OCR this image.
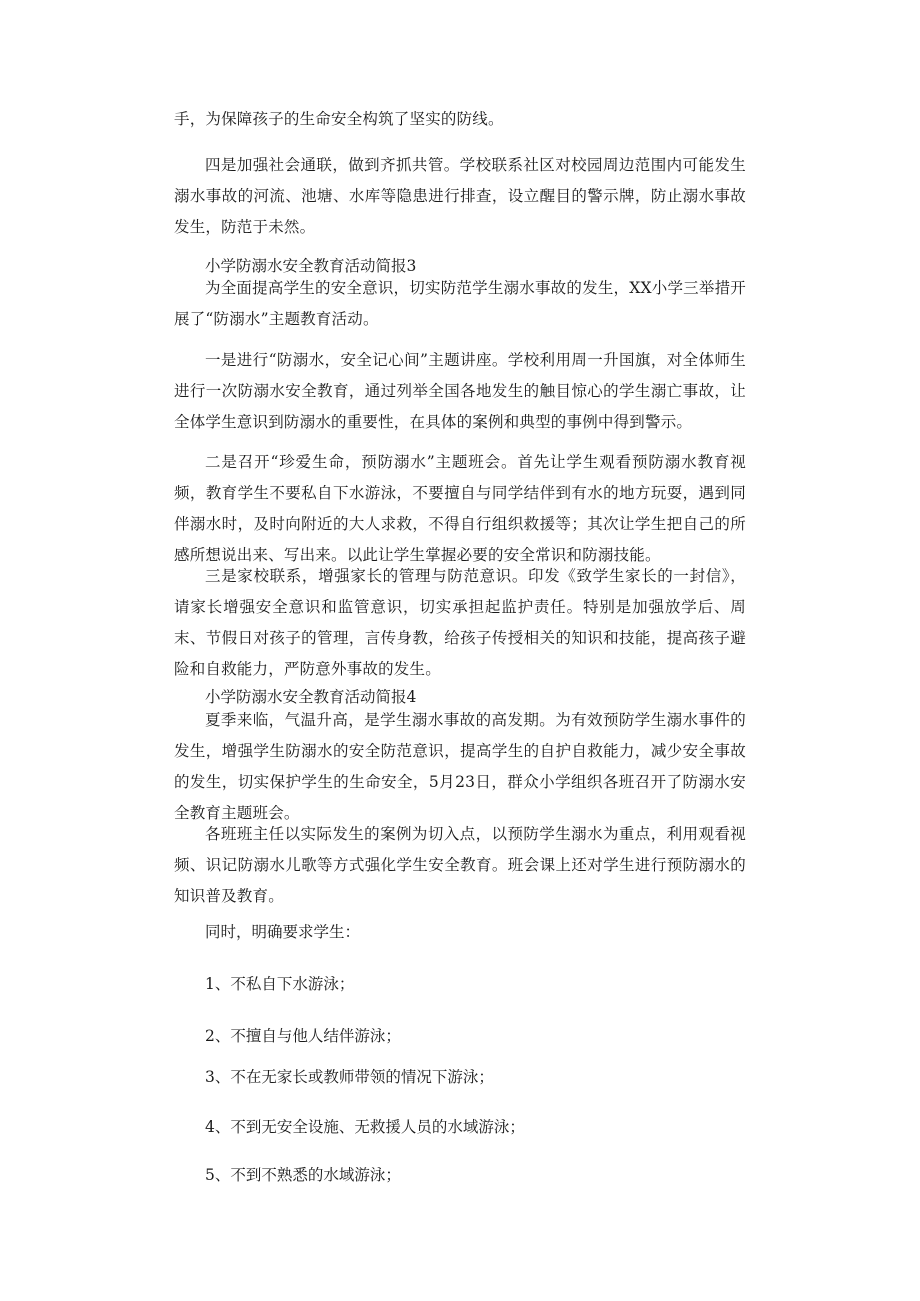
手，为保障孩子的生命安全构筑了坚实的防线。

四是加强社会通联，做到齐抓共管。学校联系社区对校园周边范围内可能发生溺水事故的河流、池塘、水库等隐患进行排查，设立醒目的警示牌，防止溺水事故发生，防范于未然。

小学防溺水安全教育活动简报3

为全面提高学生的安全意识，切实防范学生溺水事故的发生，XX小学三举措开展了“防溺水”主题教育活动。

一是进行“防溺水，安全记心间”主题讲座。学校利用周一升国旗，对全体师生进行一次防溺水安全教育，通过列举全国各地发生的触目惊心的学生溺亡事故，让全体学生意识到防溺水的重要性，在具体的案例和典型的事例中得到警示。

二是召开“珍爱生命，预防溺水”主题班会。首先让学生观看预防溺水教育视频，教育学生不要私自下水游泳，不要擅自与同学结伴到有水的地方玩耍，遇到同伴溺水时，及时向附近的大人求救，不得自行组织救援等；其次让学生把自己的所感所想说出来、写出来。以此让学生掌握必要的安全常识和防溺技能。

三是家校联系，增强家长的管理与防范意识。印发《致学生家长的一封信》，请家长增强安全意识和监管意识，切实承担起监护责任。特别是加强放学后、周末、节假日对孩子的管理，言传身教，给孩子传授相关的知识和技能，提高孩子避险和自救能力，严防意外事故的发生。

小学防溺水安全教育活动简报4

夏季来临，气温升高，是学生溺水事故的高发期。为有效预防学生溺水事件的发生，增强学生防溺水的安全防范意识，提高学生的自护自救能力，减少安全事故的发生，切实保护学生的生命安全，5月23日，群众小学组织各班召开了防溺水安全教育主题班会。

各班班主任以实际发生的案例为切入点，以预防学生溺水为重点，利用观看视频、识记防溺水儿歌等方式强化学生安全教育。班会课上还对学生进行预防溺水的知识普及教育。

同时，明确要求学生：

1、不私自下水游泳；

2、不擅自与他人结伴游泳；

3、不在无家长或教师带领的情况下游泳；

4、不到无安全设施、无救援人员的水域游泳；

5、不到不熟悉的水域游泳；
